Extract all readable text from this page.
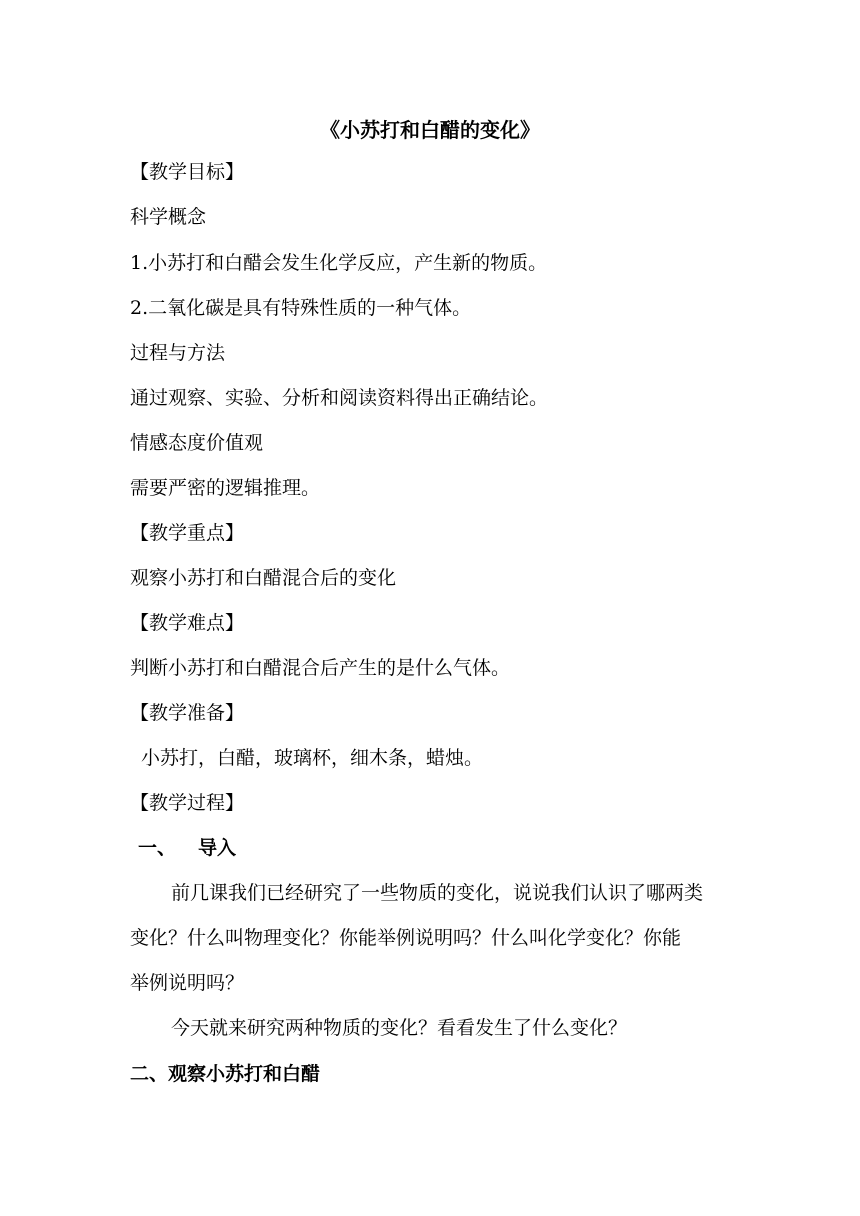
《小苏打和白醋的变化》
【教学目标】
科学概念
1.小苏打和白醋会发生化学反应，产生新的物质。
2.二氧化碳是具有特殊性质的一种气体。
过程与方法
通过观察、实验、分析和阅读资料得出正确结论。
情感态度价值观
需要严密的逻辑推理。
【教学重点】
观察小苏打和白醋混合后的变化
【教学难点】
判断小苏打和白醋混合后产生的是什么气体。
【教学准备】
小苏打，白醋，玻璃杯，细木条，蜡烛。
【教学过程】
一、 导入
前几课我们已经研究了一些物质的变化，说说我们认识了哪两类
变化？什么叫物理变化？你能举例说明吗？什么叫化学变化？你能
举例说明吗？
今天就来研究两种物质的变化？看看发生了什么变化？
二、观察小苏打和白醋
